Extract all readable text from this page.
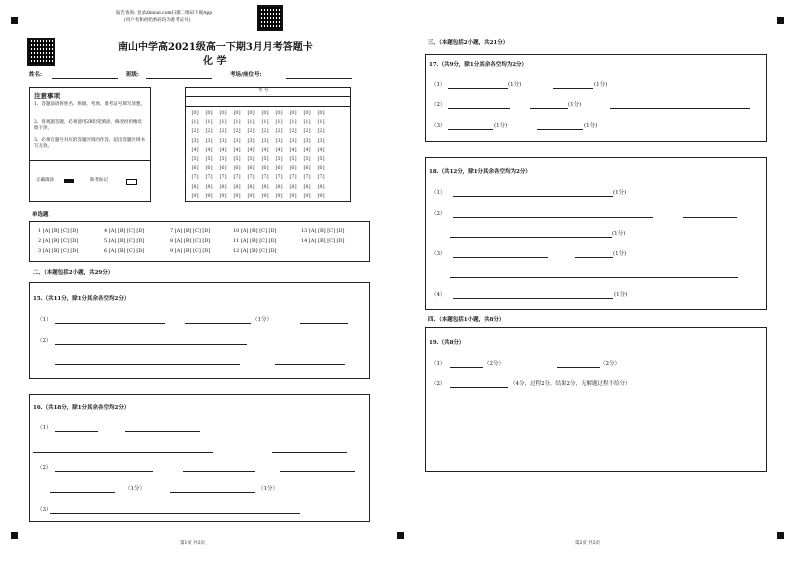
报告查询: 登录zhixue.com扫描二维码下载App
(用户名和初始密码均为准考证号)
南山中学高2021级高一下期3月月考答题卡
化 学
姓名:	班级:	考场/座位号:
注意事项
1、答题前请将姓名、班级、考场、准考证号填写清楚。
2、客观题答题，必须使用2B铅笔填涂，修改时用橡皮擦干净。
3、必须在题号对应的答题区域内作答，超出答题区域书写无效。
正确填涂	缺考标记
考 号
[0]	[0]	[0]	[0]	[0]	[0]	[0]	[0]	[0]	[0]
[1]	[1]	[1]	[1]	[1]	[1]	[1]	[1]	[1]	[1]
[2]	[2]	[2]	[2]	[2]	[2]	[2]	[2]	[2]	[2]
[3]	[3]	[3]	[3]	[3]	[3]	[3]	[3]	[3]	[3]
[4]	[4]	[4]	[4]	[4]	[4]	[4]	[4]	[4]	[4]
[5]	[5]	[5]	[5]	[5]	[5]	[5]	[5]	[5]	[5]
[6]	[6]	[6]	[6]	[6]	[6]	[6]	[6]	[6]	[6]
[7]	[7]	[7]	[7]	[7]	[7]	[7]	[7]	[7]	[7]
[8]	[8]	[8]	[8]	[8]	[8]	[8]	[8]	[8]	[8]
[9]	[9]	[9]	[9]	[9]	[9]	[9]	[9]	[9]	[9]
单选题
1 [A] [B] [C] [D]	4 [A] [B] [C] [D]	7 [A] [B] [C] [D]	10 [A] [B] [C] [D]	13 [A] [B] [C] [D]
2 [A] [B] [C] [D]	5 [A] [B] [C] [D]	8 [A] [B] [C] [D]	11 [A] [B] [C] [D]	14 [A] [B] [C] [D]
3 [A] [B] [C] [D]	6 [A] [B] [C] [D]	9 [A] [B] [C] [D]	12 [A] [B] [C] [D]
二、（本题包括2小题，共29分）
15.（共11分，除1分其余各空均2分）
（1）	（1分）
（2）
16.（共18分，除1分其余各空均2分）
（1）
（2）
（1分）	（1分）
（3）
第1页 共2页	第2页 共2页
三、（本题包括2小题，共21分）
17.（共9分，除1分其余各空均为2分）
（1）	(1分)	(1分)
（2）	(1分)
（3）	(1分)	(1分)
18.（共12分，除1分其余各空均为2分）
（1）	(1分)
（2）
(1分)
（3）	(1分)
（4）	(1分)
四、（本题包括1小题，共8分）
19.（共8分）
（1）	（2分）	（2分）
（2）	（4分，过程2分，结果2分，无解题过程不给分）
